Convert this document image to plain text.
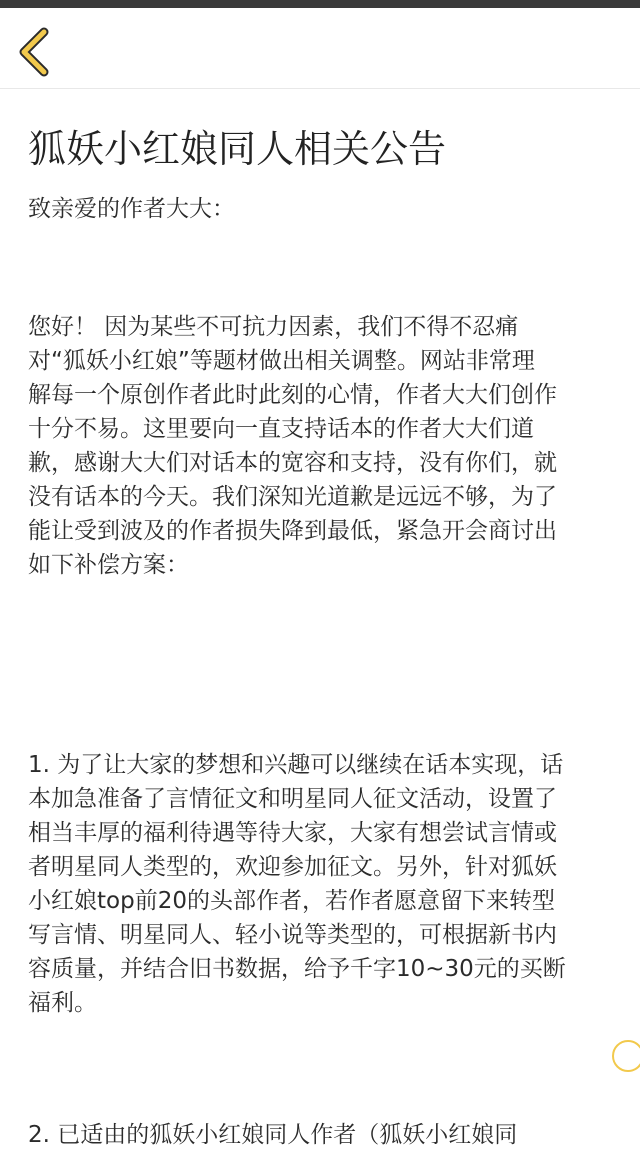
狐妖小红娘同人相关公告
致亲爱的作者大大：
您好！ 因为某些不可抗力因素，我们不得不忍痛
对“狐妖小红娘”等题材做出相关调整。网站非常理
解每一个原创作者此时此刻的心情，作者大大们创作
十分不易。这里要向一直支持话本的作者大大们道
歉，感谢大大们对话本的宽容和支持，没有你们，就
没有话本的今天。我们深知光道歉是远远不够，为了
能让受到波及的作者损失降到最低，紧急开会商讨出
如下补偿方案：
1. 为了让大家的梦想和兴趣可以继续在话本实现，话
本加急准备了言情征文和明星同人征文活动，设置了
相当丰厚的福利待遇等待大家，大家有想尝试言情或
者明星同人类型的，欢迎参加征文。另外，针对狐妖
小红娘top前20的头部作者，若作者愿意留下来转型
写言情、明星同人、轻小说等类型的，可根据新书内
容质量，并结合旧书数据，给予千字10~30元的买断
福利。
2. 已适由的狐妖小红娘同人作者（狐妖小红娘同
